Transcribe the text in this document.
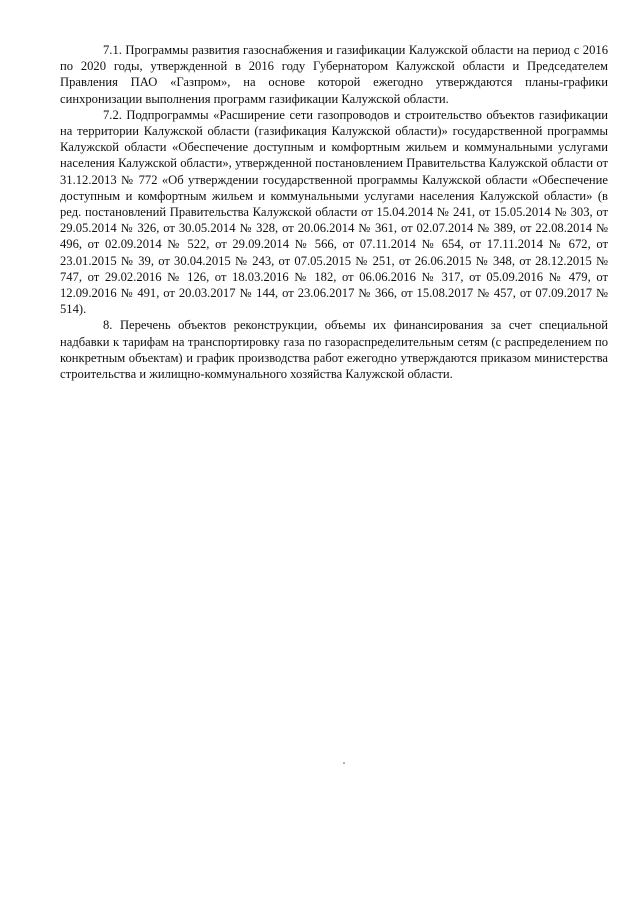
7.1. Программы развития газоснабжения и газификации Калужской области на период с 2016 по 2020 годы, утвержденной в 2016 году Губернатором Калужской области и Председателем Правления ПАО «Газпром», на основе которой ежегодно утверждаются планы-графики синхронизации выполнения программ газификации Калужской области.

7.2. Подпрограммы «Расширение сети газопроводов и строительство объектов газификации на территории Калужской области (газификация Калужской области)» государственной программы Калужской области «Обеспечение доступным и комфортным жильем и коммунальными услугами населения Калужской области», утвержденной постановлением Правительства Калужской области от 31.12.2013 № 772 «Об утверждении государственной программы Калужской области «Обеспечение доступным и комфортным жильем и коммунальными услугами населения Калужской области» (в ред. постановлений Правительства Калужской области от 15.04.2014 № 241, от 15.05.2014 № 303, от 29.05.2014 № 326, от 30.05.2014 № 328, от 20.06.2014 № 361, от 02.07.2014 № 389, от 22.08.2014 № 496, от 02.09.2014 № 522, от 29.09.2014 № 566, от 07.11.2014 № 654, от 17.11.2014 № 672, от 23.01.2015 № 39, от 30.04.2015 № 243, от 07.05.2015 № 251, от 26.06.2015 № 348, от 28.12.2015 № 747, от 29.02.2016 № 126, от 18.03.2016 № 182, от 06.06.2016 № 317, от 05.09.2016 № 479, от 12.09.2016 № 491, от 20.03.2017 № 144, от 23.06.2017 № 366, от 15.08.2017 № 457, от 07.09.2017 № 514).

8. Перечень объектов реконструкции, объемы их финансирования за счет специальной надбавки к тарифам на транспортировку газа по газораспределительным сетям (с распределением по конкретным объектам) и график производства работ ежегодно утверждаются приказом министерства строительства и жилищно-коммунального хозяйства Калужской области.
